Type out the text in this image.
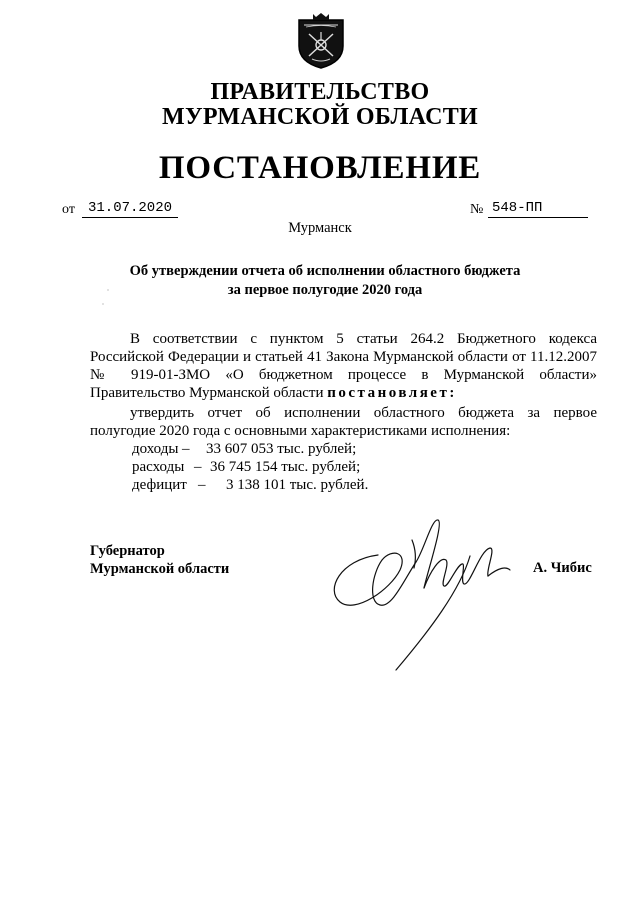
ПРАВИТЕЛЬСТВО
МУРМАНСКОЙ ОБЛАСТИ
ПОСТАНОВЛЕНИЕ
от 31.07.2020	№ 548-ПП
Мурманск
Об утверждении отчета об исполнении областного бюджета
за первое полугодие 2020 года
В соответствии с пунктом 5 статьи 264.2 Бюджетного кодекса Российской Федерации и статьей 41 Закона Мурманской области от 11.12.2007 № 919-01-ЗМО «О бюджетном процессе в Мурманской области» Правительство Мурманской области постановляет:
утвердить отчет об исполнении областного бюджета за первое полугодие 2020 года с основными характеристиками исполнения:
доходы – 33 607 053 тыс. рублей;
расходы – 36 745 154 тыс. рублей;
дефицит – 3 138 101 тыс. рублей.
Губернатор
Мурманской области	А. Чибис
